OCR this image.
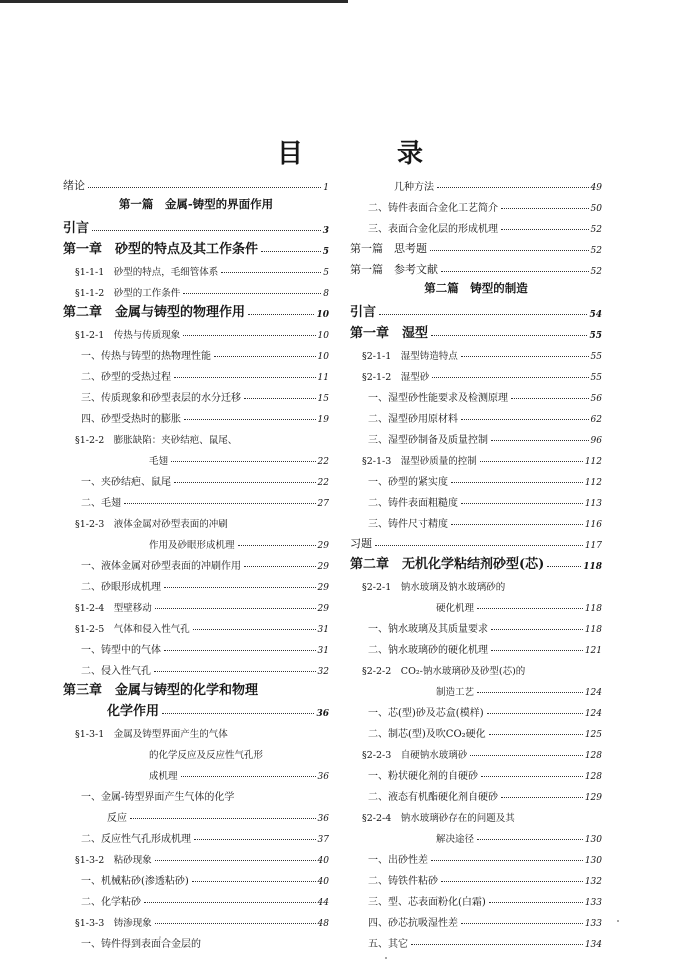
目　录
绪论	1
第一篇　金属-铸型的界面作用
引言	3
第一章　砂型的特点及其工作条件	5
§1-1-1　砂型的特点，毛细管体系	5
§1-1-2　砂型的工作条件	8
第二章　金属与铸型的物理作用	10
§1-2-1　传热与传质现象	10
一、传热与铸型的热物理性能	10
二、砂型的受热过程	11
三、传质现象和砂型表层的水分迁移	15
四、砂型受热时的膨胀	19
§1-2-2　膨胀缺陷：夹砂结疤、鼠尾、
毛翅	22
一、夹砂结疤、鼠尾	22
二、毛翅	27
§1-2-3　液体金属对砂型表面的冲刷
作用及砂眼形成机理	29
一、液体金属对砂型表面的冲刷作用	29
二、砂眼形成机理	29
§1-2-4　型壁移动	29
§1-2-5　气体和侵入性气孔	31
一、铸型中的气体	31
二、侵入性气孔	32
第三章　金属与铸型的化学和物理
化学作用	36
§1-3-1　金属及铸型界面产生的气体
的化学反应及反应性气孔形
成机理	36
一、金属-铸型界面产生气体的化学
反应	36
二、反应性气孔形成机理	37
§1-3-2　粘砂现象	40
一、机械粘砂(渗透粘砂)	40
二、化学粘砂	44
§1-3-3　铸渗现象	48
一、铸件得到表面合金层的
几种方法	49
二、铸件表面合金化工艺简介	50
三、表面合金化层的形成机理	52
第一篇　思考题	52
第一篇　参考文献	52
第二篇　铸型的制造
引言	54
第一章　湿型	55
§2-1-1　湿型铸造特点	55
§2-1-2　湿型砂	55
一、湿型砂性能要求及检测原理	56
二、湿型砂用原材料	62
三、湿型砂制备及质量控制	96
§2-1-3　湿型砂质量的控制	112
一、砂型的紧实度	112
二、铸件表面粗糙度	113
三、铸件尺寸精度	116
习题	117
第二章　无机化学粘结剂砂型(芯)	118
§2-2-1　钠水玻璃及钠水玻璃砂的
硬化机理	118
一、钠水玻璃及其质量要求	118
二、钠水玻璃砂的硬化机理	121
§2-2-2　CO₂-钠水玻璃砂及砂型(芯)的
制造工艺	124
一、芯(型)砂及芯盒(模样)	124
二、制芯(型)及吹CO₂硬化	125
§2-2-3　自硬钠水玻璃砂	128
一、粉状硬化剂的自硬砂	128
二、液态有机酯硬化剂自硬砂	129
§2-2-4　钠水玻璃砂存在的问题及其
解决途径	130
一、出砂性差	130
二、铸铁件粘砂	132
三、型、芯表面粉化(白霜)	133
四、砂芯抗吸湿性差	133
五、其它	134
